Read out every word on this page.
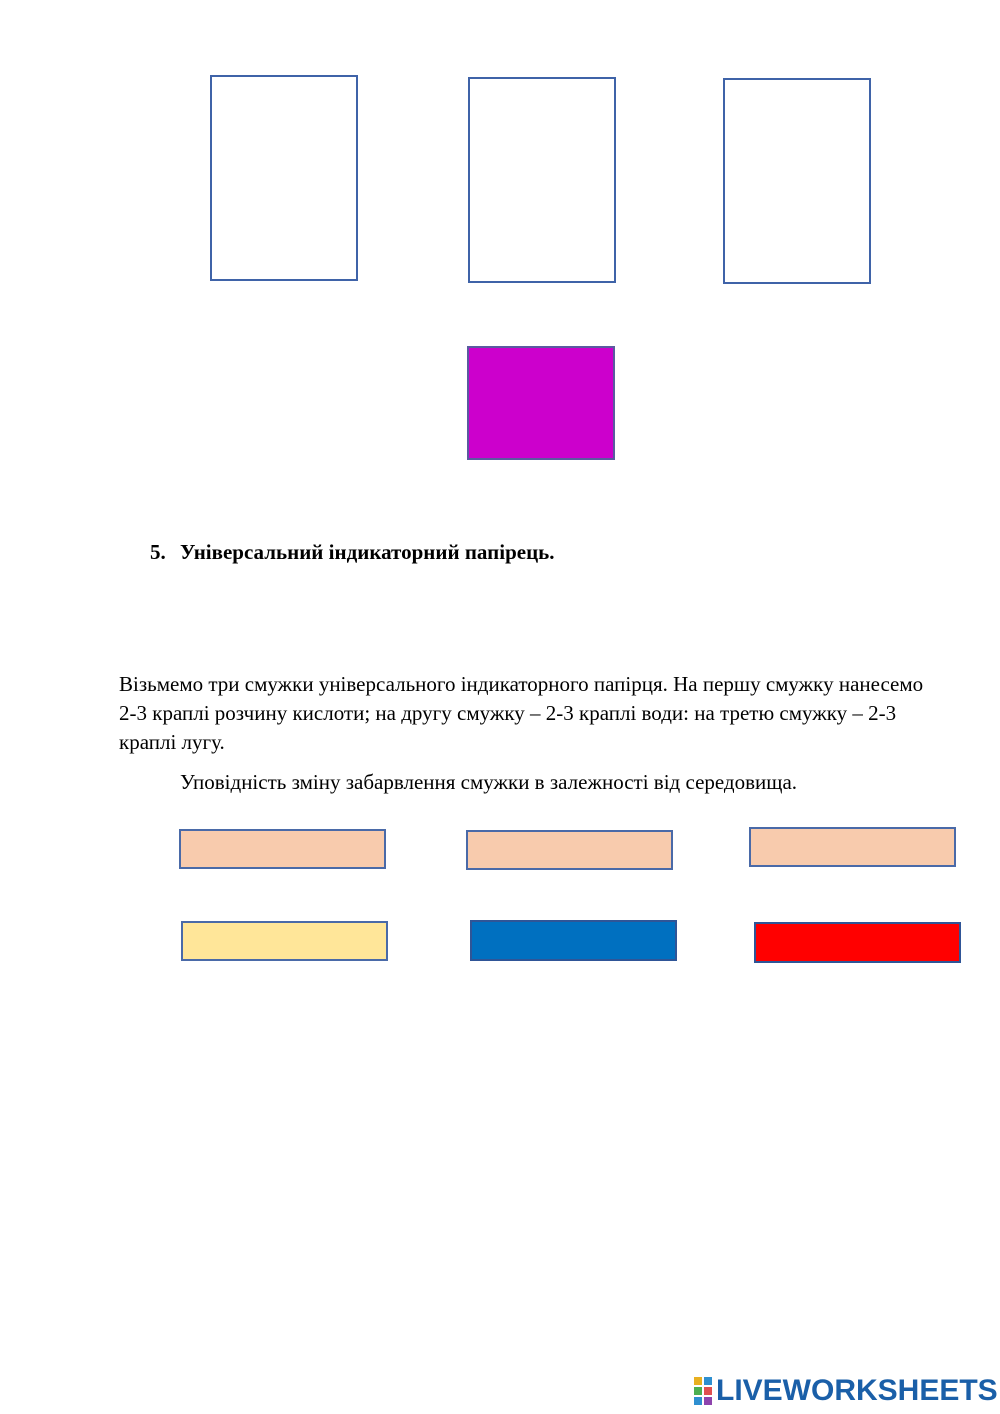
5. Універсальний індикаторний папірець.
Візьмемо три смужки універсального індикаторного папірця. На першу смужку нанесемо 2-3 краплі розчину кислоти; на другу смужку – 2-3 краплі води: на третю смужку – 2-3 краплі лугу.
Уповідність зміну забарвлення смужки в залежності від середовища.
LIVEWORKSHEETS
